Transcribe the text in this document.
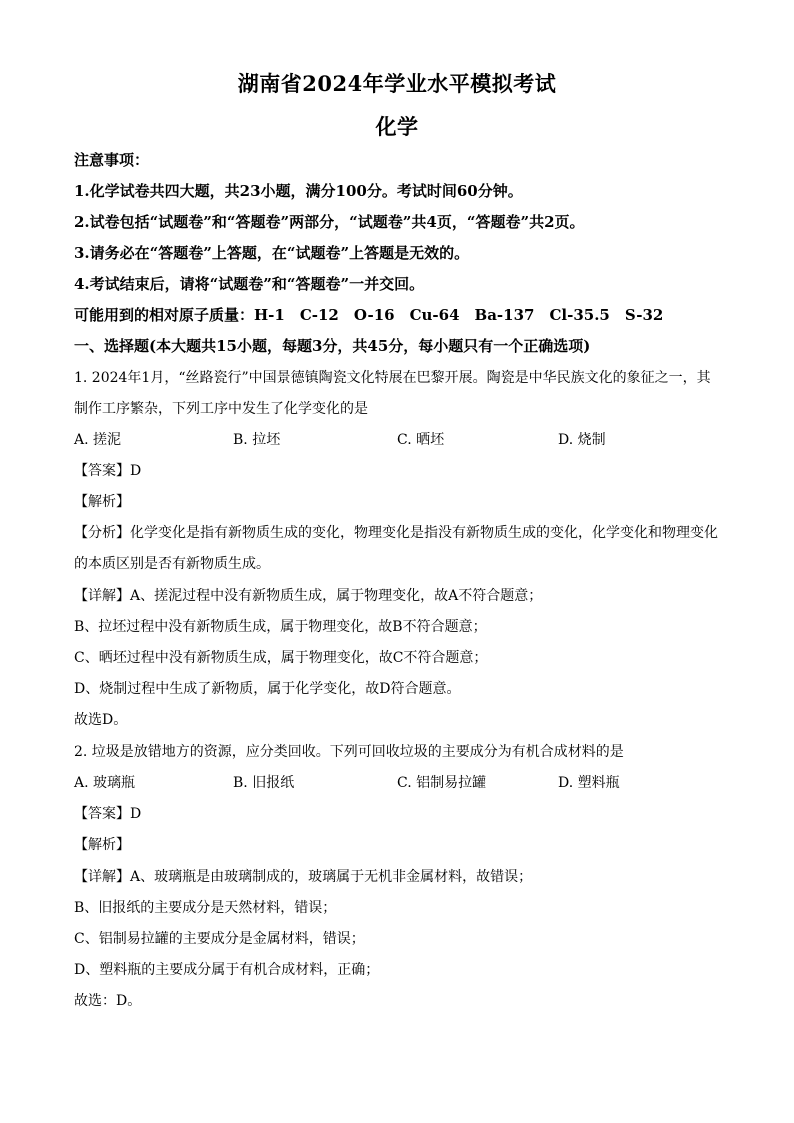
湖南省2024年学业水平模拟考试
化学
注意事项：
1.化学试卷共四大题，共23小题，满分100分。考试时间60分钟。
2.试卷包括“试题卷”和“答题卷”两部分，“试题卷”共4页，“答题卷”共2页。
3.请务必在“答题卷”上答题，在“试题卷”上答题是无效的。
4.考试结束后，请将“试题卷”和“答题卷”一并交回。
可能用到的相对原子质量：H-1　C-12　O-16　Cu-64　Ba-137　Cl-35.5　S-32
一、选择题(本大题共15小题，每题3分，共45分，每小题只有一个正确选项)
1. 2024年1月，“丝路瓷行”中国景德镇陶瓷文化特展在巴黎开展。陶瓷是中华民族文化的象征之一，其
制作工序繁杂，下列工序中发生了化学变化的是
A. 搓泥	B. 拉坯	C. 晒坯	D. 烧制
【答案】D
【解析】
【分析】化学变化是指有新物质生成的变化，物理变化是指没有新物质生成的变化，化学变化和物理变化
的本质区别是否有新物质生成。
【详解】A、搓泥过程中没有新物质生成，属于物理变化，故A不符合题意；
B、拉坯过程中没有新物质生成，属于物理变化，故B不符合题意；
C、晒坯过程中没有新物质生成，属于物理变化，故C不符合题意；
D、烧制过程中生成了新物质，属于化学变化，故D符合题意。
故选D。
2. 垃圾是放错地方的资源，应分类回收。下列可回收垃圾的主要成分为有机合成材料的是
A. 玻璃瓶	B. 旧报纸	C. 铝制易拉罐	D. 塑料瓶
【答案】D
【解析】
【详解】A、玻璃瓶是由玻璃制成的，玻璃属于无机非金属材料，故错误；
B、旧报纸的主要成分是天然材料，错误；
C、铝制易拉罐的主要成分是金属材料，错误；
D、塑料瓶的主要成分属于有机合成材料，正确；
故选：D。
